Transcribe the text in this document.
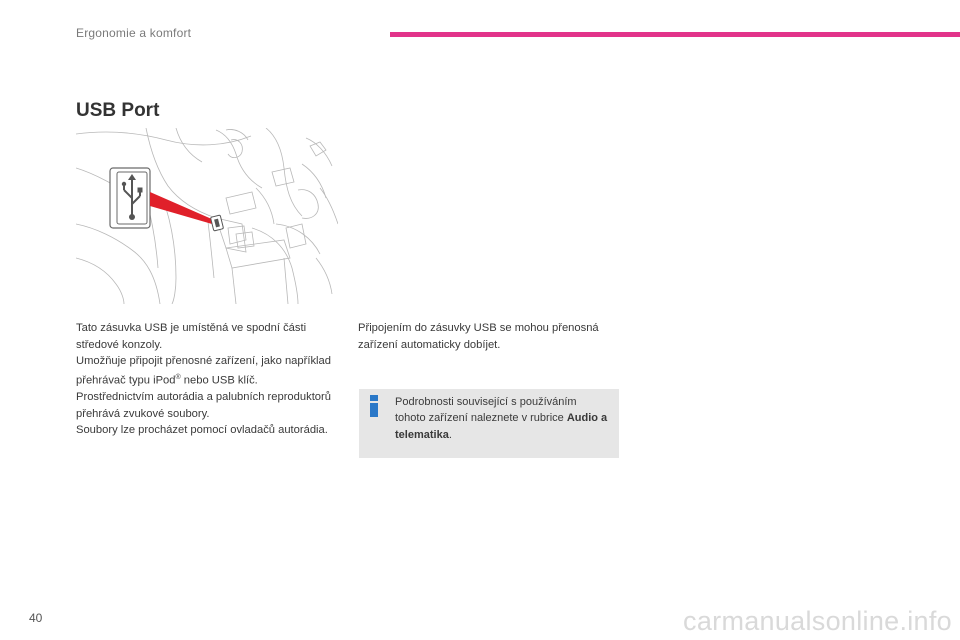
Ergonomie a komfort
USB Port

Tato zásuvka USB je umístěná ve spodní části středové konzoly.

Umožňuje připojit přenosné zařízení, jako například přehrávač typu iPod® nebo USB klíč.

Prostřednictvím autorádia a palubních reproduktorů přehrává zvukové soubory.

Soubory lze procházet pomocí ovladačů autorádia.

Připojením do zásuvky USB se mohou přenosná zařízení automaticky dobíjet.

Podrobnosti související s používáním tohoto zařízení naleznete v rubrice Audio a telematika.
40	carmanualsonline.info
